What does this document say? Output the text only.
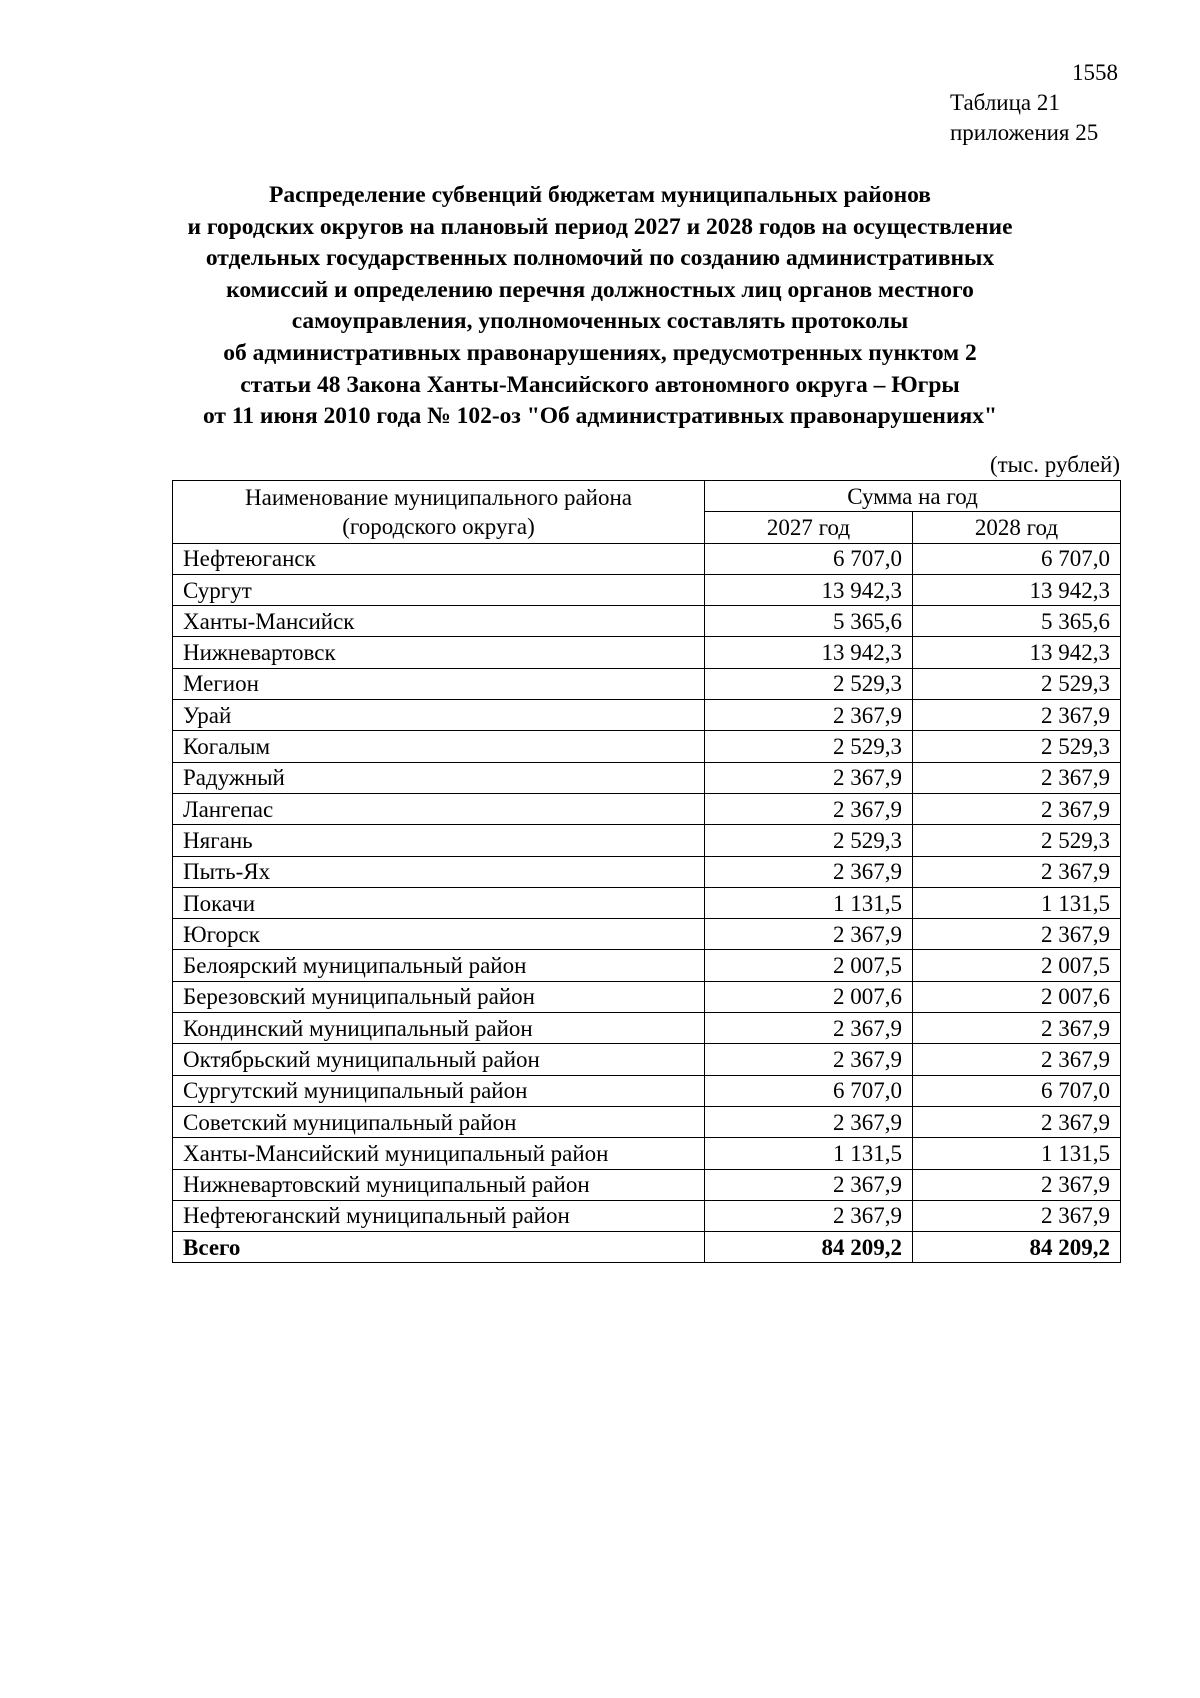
1558
Таблица 21
приложения 25
Распределение субвенций бюджетам муниципальных районов
и городских округов на плановый период 2027 и 2028 годов на осуществление
отдельных государственных полномочий по созданию административных
комиссий и определению перечня должностных лиц органов местного
самоуправления, уполномоченных составлять протоколы
об административных правонарушениях, предусмотренных пунктом 2
статьи 48 Закона Ханты-Мансийского автономного округа – Югры
от 11 июня 2010 года № 102-оз "Об административных правонарушениях"
(тыс. рублей)
Наименование муниципального района
(городского округа)	Сумма на год	
	2027 год	2028 год
Нефтеюганск	6 707,0	6 707,0
Сургут	13 942,3	13 942,3
Ханты-Мансийск	5 365,6	5 365,6
Нижневартовск	13 942,3	13 942,3
Мегион	2 529,3	2 529,3
Урай	2 367,9	2 367,9
Когалым	2 529,3	2 529,3
Радужный	2 367,9	2 367,9
Лангепас	2 367,9	2 367,9
Нягань	2 529,3	2 529,3
Пыть-Ях	2 367,9	2 367,9
Покачи	1 131,5	1 131,5
Югорск	2 367,9	2 367,9
Белоярский муниципальный район	2 007,5	2 007,5
Березовский муниципальный район	2 007,6	2 007,6
Кондинский муниципальный район	2 367,9	2 367,9
Октябрьский муниципальный район	2 367,9	2 367,9
Сургутский муниципальный район	6 707,0	6 707,0
Советский муниципальный район	2 367,9	2 367,9
Ханты-Мансийский муниципальный район	1 131,5	1 131,5
Нижневартовский муниципальный район	2 367,9	2 367,9
Нефтеюганский муниципальный район	2 367,9	2 367,9
Всего	84 209,2	84 209,2
